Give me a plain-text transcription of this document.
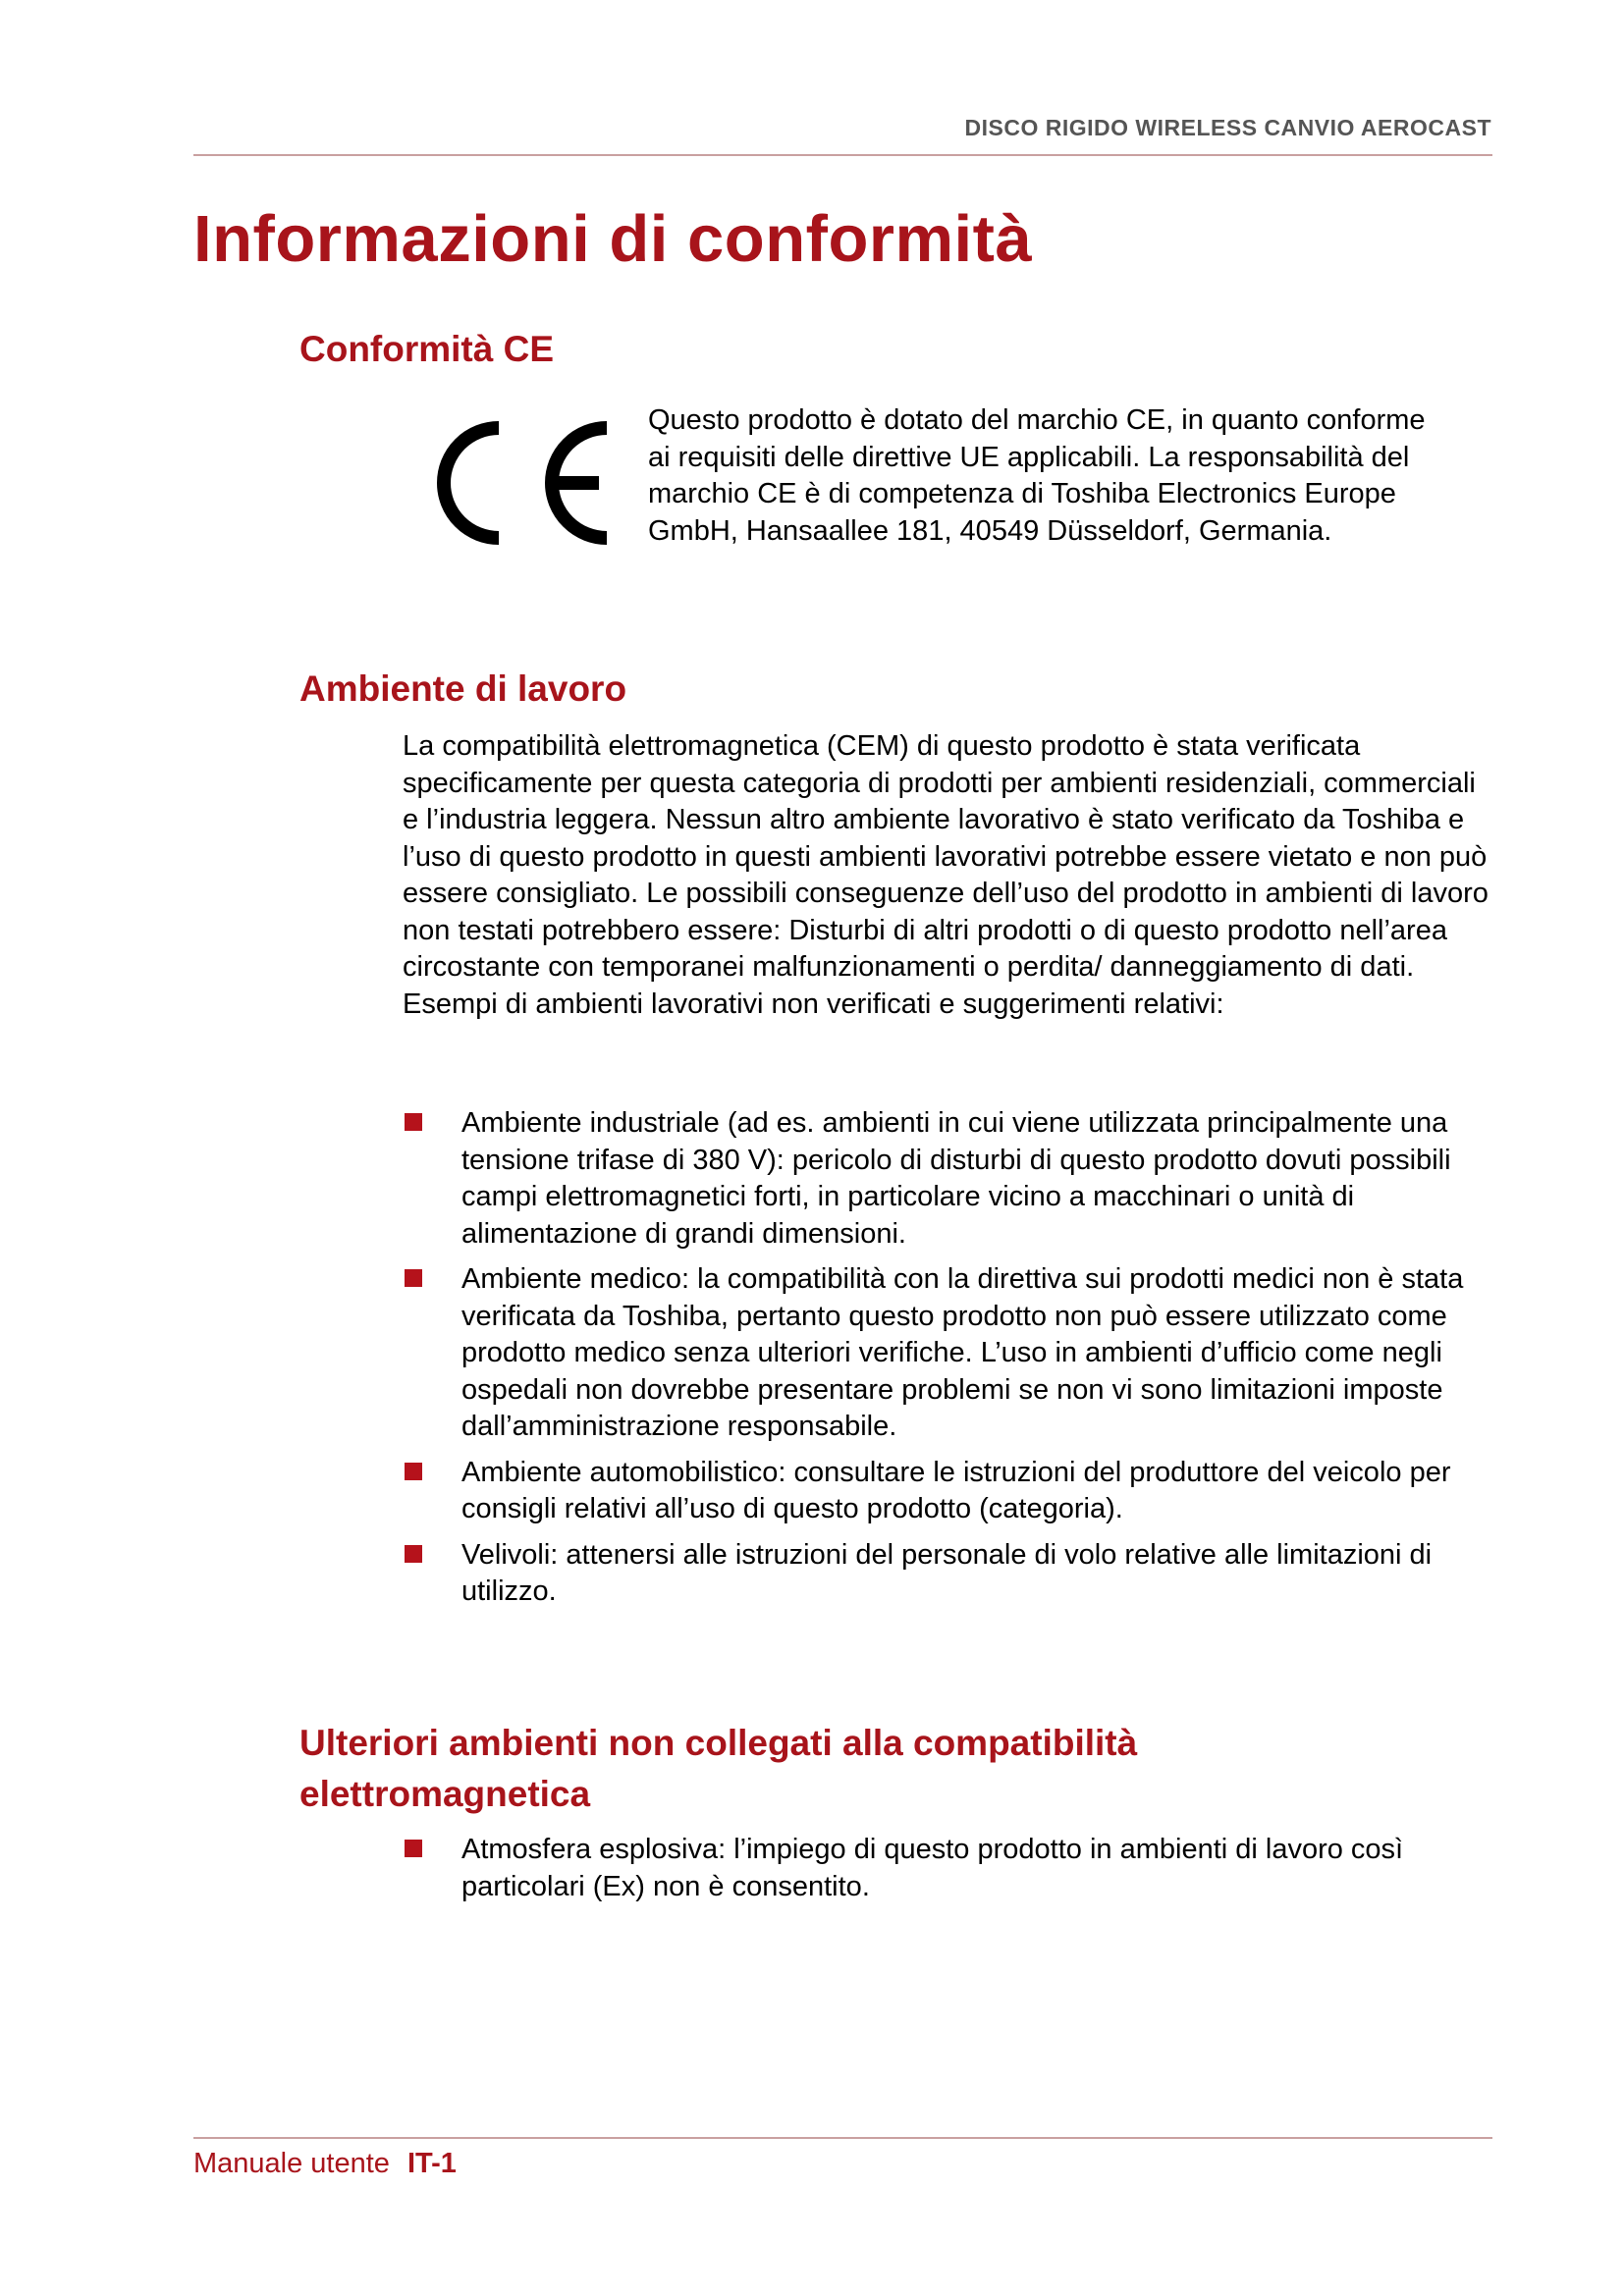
DISCO RIGIDO WIRELESS CANVIO AEROCAST
Informazioni di conformità
Conformità CE

Questo prodotto è dotato del marchio CE, in quanto conforme ai requisiti delle direttive UE applicabili. La responsabilità del marchio CE è di competenza di Toshiba Electronics Europe GmbH, Hansaallee 181, 40549 Düsseldorf, Germania.

Ambiente di lavoro

La compatibilità elettromagnetica (CEM) di questo prodotto è stata verificata specificamente per questa categoria di prodotti per ambienti residenziali, commerciali e l’industria leggera. Nessun altro ambiente lavorativo è stato verificato da Toshiba e l’uso di questo prodotto in questi ambienti lavorativi potrebbe essere vietato e non può essere consigliato. Le possibili conseguenze dell’uso del prodotto in ambienti di lavoro non testati potrebbero essere: Disturbi di altri prodotti o di questo prodotto nell’area circostante con temporanei malfunzionamenti o perdita/ danneggiamento di dati. Esempi di ambienti lavorativi non verificati e suggerimenti relativi:

Ambiente industriale (ad es. ambienti in cui viene utilizzata principalmente una tensione trifase di 380 V): pericolo di disturbi di questo prodotto dovuti possibili campi elettromagnetici forti, in particolare vicino a macchinari o unità di alimentazione di grandi dimensioni.
Ambiente medico: la compatibilità con la direttiva sui prodotti medici non è stata verificata da Toshiba, pertanto questo prodotto non può essere utilizzato come prodotto medico senza ulteriori verifiche. L’uso in ambienti d’ufficio come negli ospedali non dovrebbe presentare problemi se non vi sono limitazioni imposte dall’amministrazione responsabile.
Ambiente automobilistico: consultare le istruzioni del produttore del veicolo per consigli relativi all’uso di questo prodotto (categoria).
Velivoli: attenersi alle istruzioni del personale di volo relative alle limitazioni di utilizzo.
Ulteriori ambienti non collegati alla compatibilità elettromagnetica
Atmosfera esplosiva: l’impiego di questo prodotto in ambienti di lavoro così particolari (Ex) non è consentito.
Manuale utente IT-1
